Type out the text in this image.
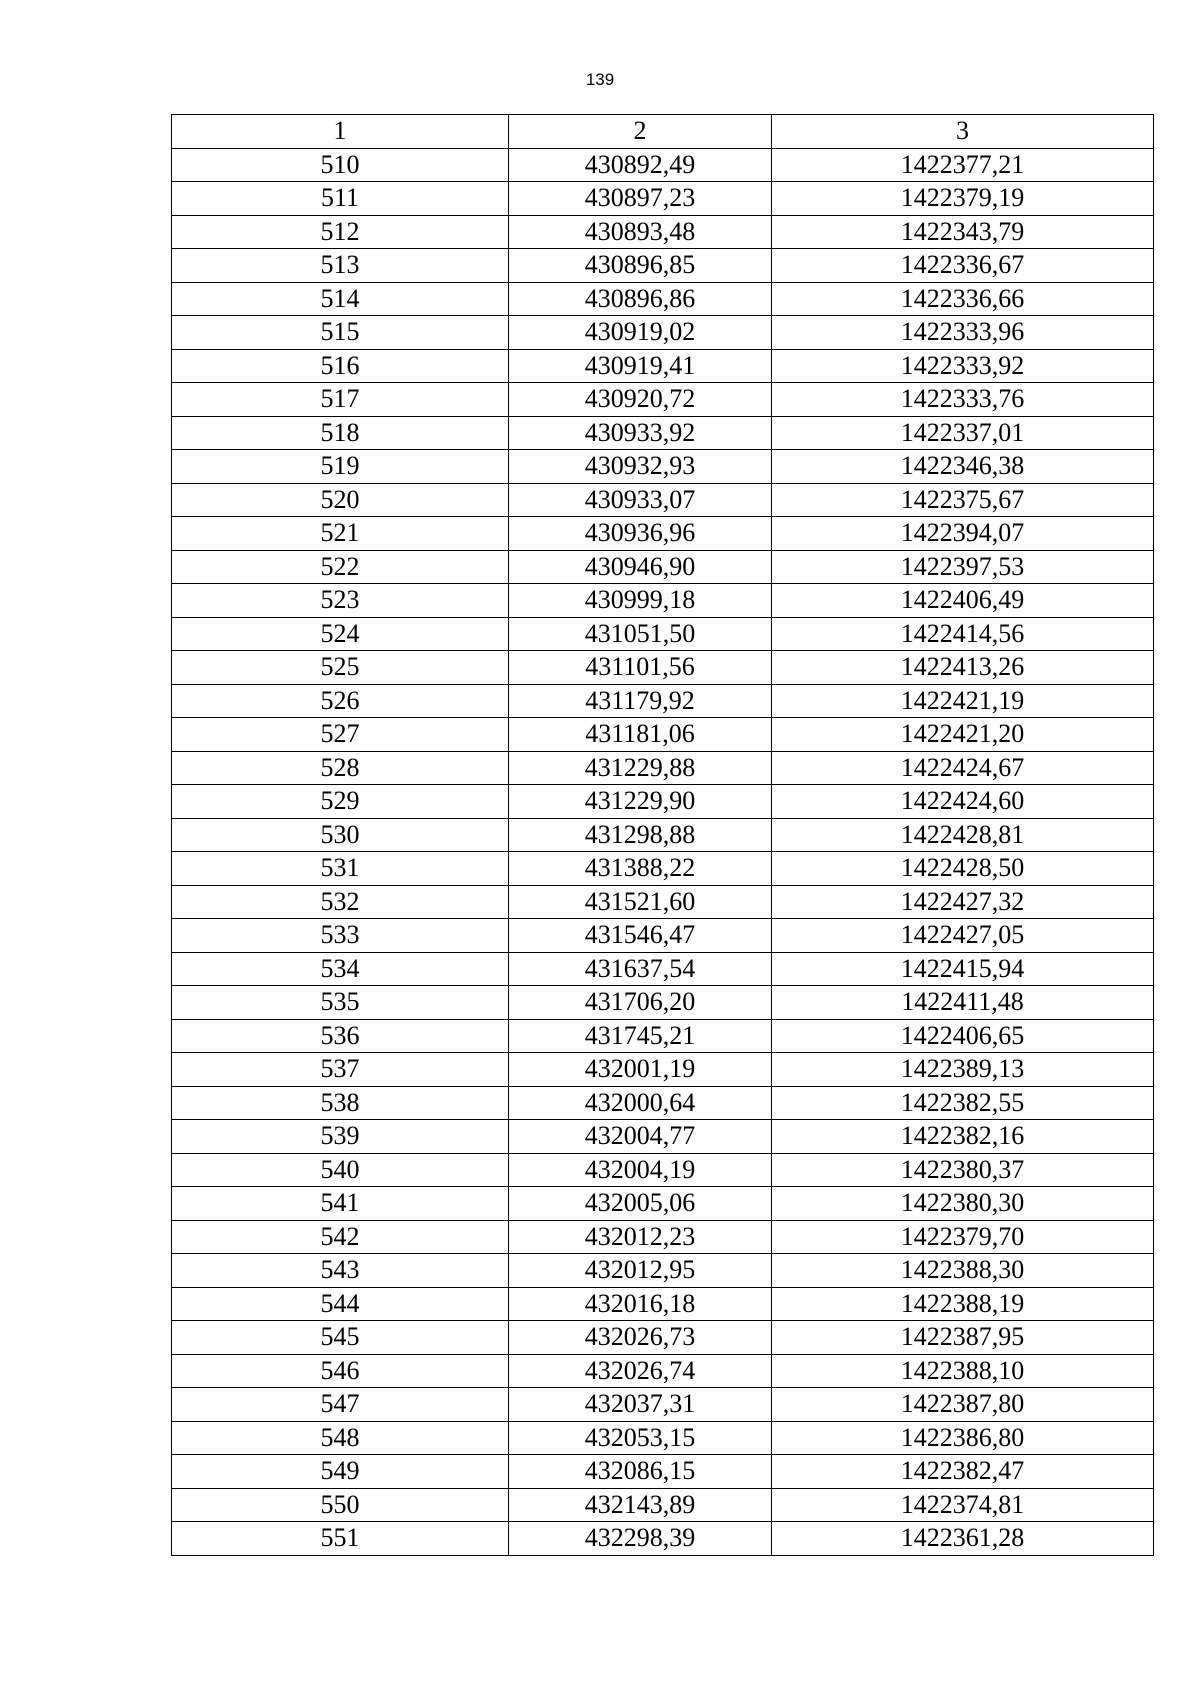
139
1	2	3
510	430892,49	1422377,21
511	430897,23	1422379,19
512	430893,48	1422343,79
513	430896,85	1422336,67
514	430896,86	1422336,66
515	430919,02	1422333,96
516	430919,41	1422333,92
517	430920,72	1422333,76
518	430933,92	1422337,01
519	430932,93	1422346,38
520	430933,07	1422375,67
521	430936,96	1422394,07
522	430946,90	1422397,53
523	430999,18	1422406,49
524	431051,50	1422414,56
525	431101,56	1422413,26
526	431179,92	1422421,19
527	431181,06	1422421,20
528	431229,88	1422424,67
529	431229,90	1422424,60
530	431298,88	1422428,81
531	431388,22	1422428,50
532	431521,60	1422427,32
533	431546,47	1422427,05
534	431637,54	1422415,94
535	431706,20	1422411,48
536	431745,21	1422406,65
537	432001,19	1422389,13
538	432000,64	1422382,55
539	432004,77	1422382,16
540	432004,19	1422380,37
541	432005,06	1422380,30
542	432012,23	1422379,70
543	432012,95	1422388,30
544	432016,18	1422388,19
545	432026,73	1422387,95
546	432026,74	1422388,10
547	432037,31	1422387,80
548	432053,15	1422386,80
549	432086,15	1422382,47
550	432143,89	1422374,81
551	432298,39	1422361,28
